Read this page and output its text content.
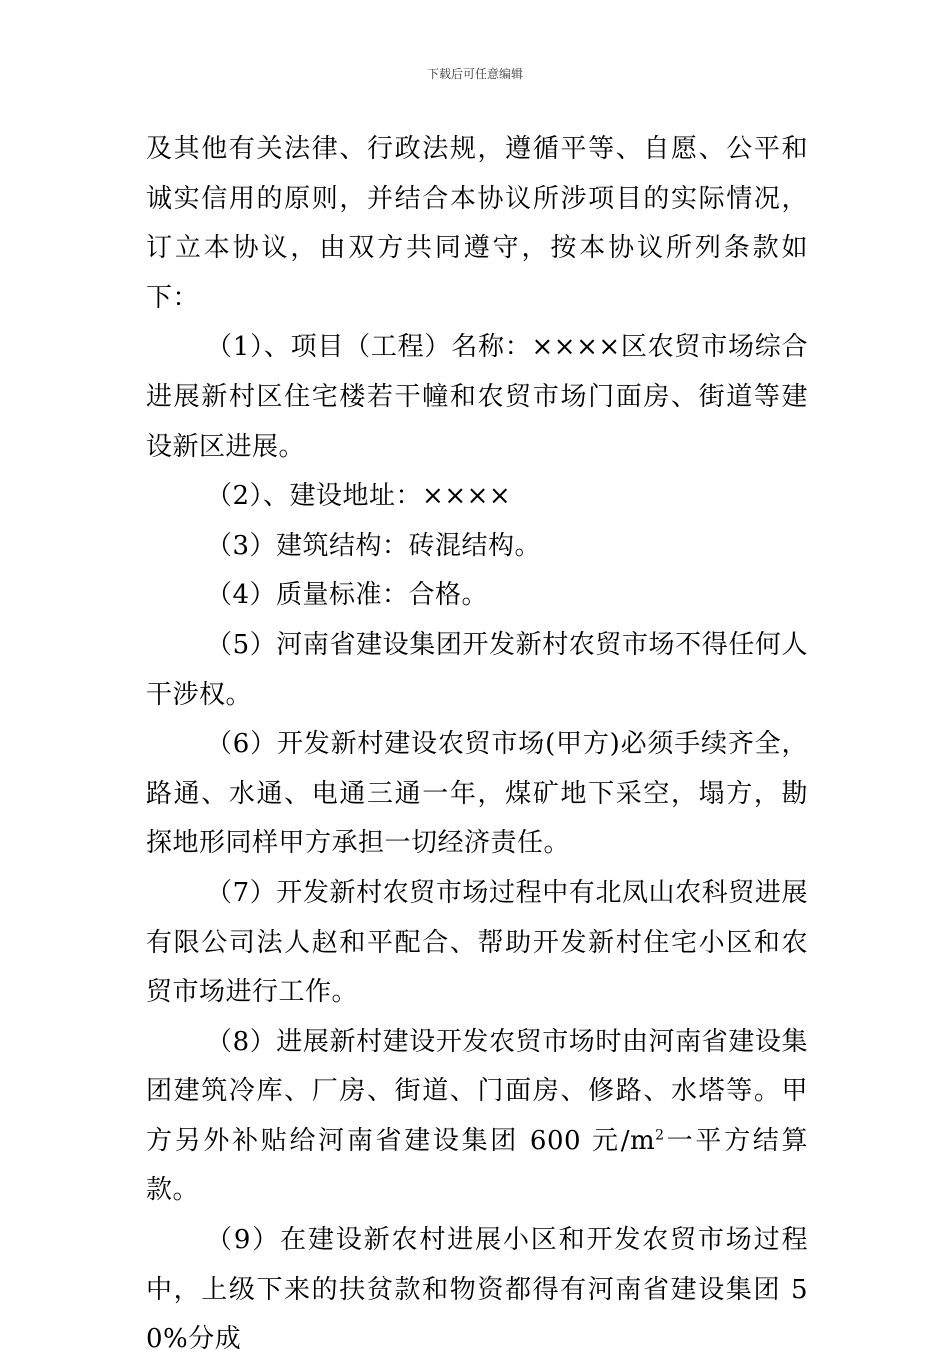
下载后可任意编辑

及其他有关法律、行政法规，遵循平等、自愿、公平和诚实信用的原则，并结合本协议所涉项目的实际情况，订立本协议，由双方共同遵守，按本协议所列条款如下：

（1）、项目（工程）名称：××××区农贸市场综合进展新村区住宅楼若干幢和农贸市场门面房、街道等建设新区进展。

（2）、建设地址：××××

（3）建筑结构：砖混结构。

（4）质量标准：合格。

（5）河南省建设集团开发新村农贸市场不得任何人干涉权。

（6）开发新村建设农贸市场(甲方)必须手续齐全，路通、水通、电通三通一年，煤矿地下采空，塌方，勘探地形同样甲方承担一切经济责任。

（7）开发新村农贸市场过程中有北凤山农科贸进展有限公司法人赵和平配合、帮助开发新村住宅小区和农贸市场进行工作。

（8）进展新村建设开发农贸市场时由河南省建设集团建筑冷库、厂房、街道、门面房、修路、水塔等。甲方另外补贴给河南省建设集团 600 元$/m^2$一平方结算款。

（9）在建设新农村进展小区和开发农贸市场过程中，上级下来的扶贫款和物资都得有河南省建设集团 50%分成
